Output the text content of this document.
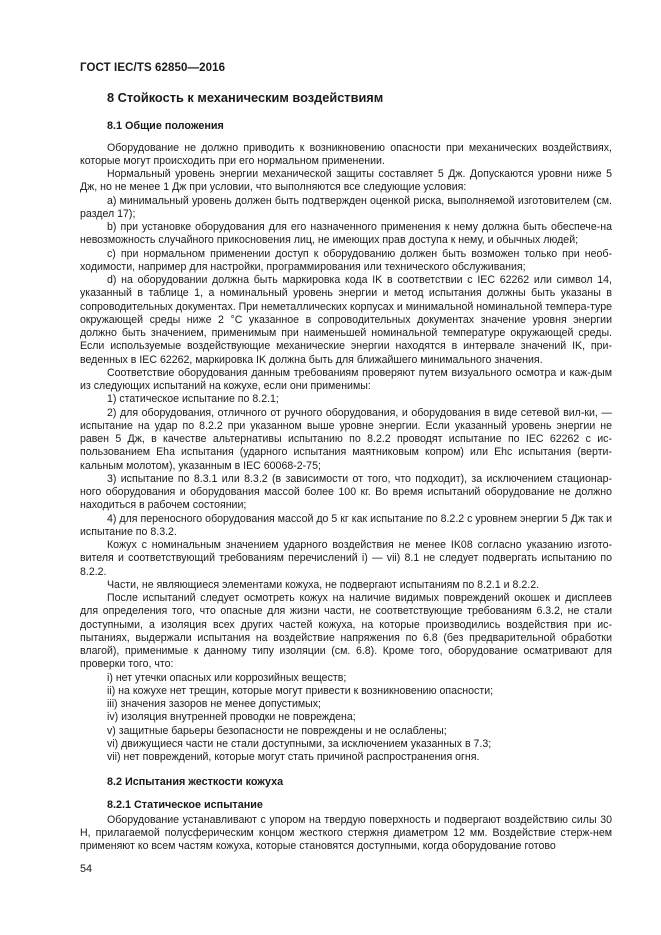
ГОСТ IEC/TS 62850—2016
8 Стойкость к механическим воздействиям
8.1 Общие положения

Оборудование не должно приводить к возникновению опасности при механических воздействиях, которые могут происходить при его нормальном применении.

Нормальный уровень энергии механической защиты составляет 5 Дж. Допускаются уровни ниже 5 Дж, но не менее 1 Дж при условии, что выполняются все следующие условия:

a) минимальный уровень должен быть подтвержден оценкой риска, выполняемой изготовителем (см. раздел 17);

b) при установке оборудования для его назначенного применения к нему должна быть обеспече-на невозможность случайного прикосновения лиц, не имеющих прав доступа к нему, и обычных людей;

c) при нормальном применении доступ к оборудованию должен быть возможен только при необ-ходимости, например для настройки, программирования или технического обслуживания;

d) на оборудовании должна быть маркировка кода IK в соответствии с IEC 62262 или символ 14, указанный в таблице 1, а номинальный уровень энергии и метод испытания должны быть указаны в сопроводительных документах. При неметаллических корпусах и минимальной номинальной темпера-туре окружающей среды ниже 2 °С указанное в сопроводительных документах значение уровня энергии должно быть значением, применимым при наименьшей номинальной температуре окружающей среды. Если используемые воздействующие механические энергии находятся в интервале значений IK, при-веденных в IEC 62262, маркировка IK должна быть для ближайшего минимального значения.

Соответствие оборудования данным требованиям проверяют путем визуального осмотра и каж-дым из следующих испытаний на кожухе, если они применимы:

1) статическое испытание по 8.2.1;

2) для оборудования, отличного от ручного оборудования, и оборудования в виде сетевой вил-ки, — испытание на удар по 8.2.2 при указанном выше уровне энергии. Если указанный уровень энергии не равен 5 Дж, в качестве альтернативы испытанию по 8.2.2 проводят испытание по IEC 62262 с ис-пользованием Eha испытания (ударного испытания маятниковым копром) или Ehc испытания (верти-кальным молотом), указанным в IEC 60068-2-75;

3) испытание по 8.3.1 или 8.3.2 (в зависимости от того, что подходит), за исключением стационар-ного оборудования и оборудования массой более 100 кг. Во время испытаний оборудование не должно находиться в рабочем состоянии;

4) для переносного оборудования массой до 5 кг как испытание по 8.2.2 с уровнем энергии 5 Дж так и испытание по 8.3.2.

Кожух с номинальным значением ударного воздействия не менее IK08 согласно указанию изгото-вителя и соответствующий требованиям перечислений i) — vii) 8.1 не следует подвергать испытанию по 8.2.2.

Части, не являющиеся элементами кожуха, не подвергают испытаниям по 8.2.1 и 8.2.2.

После испытаний следует осмотреть кожух на наличие видимых повреждений окошек и дисплеев для определения того, что опасные для жизни части, не соответствующие требованиям 6.3.2, не стали доступными, а изоляция всех других частей кожуха, на которые производились воздействия при ис-пытаниях, выдержали испытания на воздействие напряжения по 6.8 (без предварительной обработки влагой), применимые к данному типу изоляции (см. 6.8). Кроме того, оборудование осматривают для проверки того, что:

i) нет утечки опасных или коррозийных веществ;

ii) на кожухе нет трещин, которые могут привести к возникновению опасности;

iii) значения зазоров не менее допустимых;

iv) изоляция внутренней проводки не повреждена;

v) защитные барьеры безопасности не повреждены и не ослаблены;

vi) движущиеся части не стали доступными, за исключением указанных в 7.3;

vii) нет повреждений, которые могут стать причиной распространения огня.

8.2 Испытания жесткости кожуха
8.2.1 Статическое испытание

Оборудование устанавливают с упором на твердую поверхность и подвергают воздействию силы 30 Н, прилагаемой полусферическим концом жесткого стержня диаметром 12 мм. Воздействие стерж-нем применяют ко всем частям кожуха, которые становятся доступными, когда оборудование готово

54
